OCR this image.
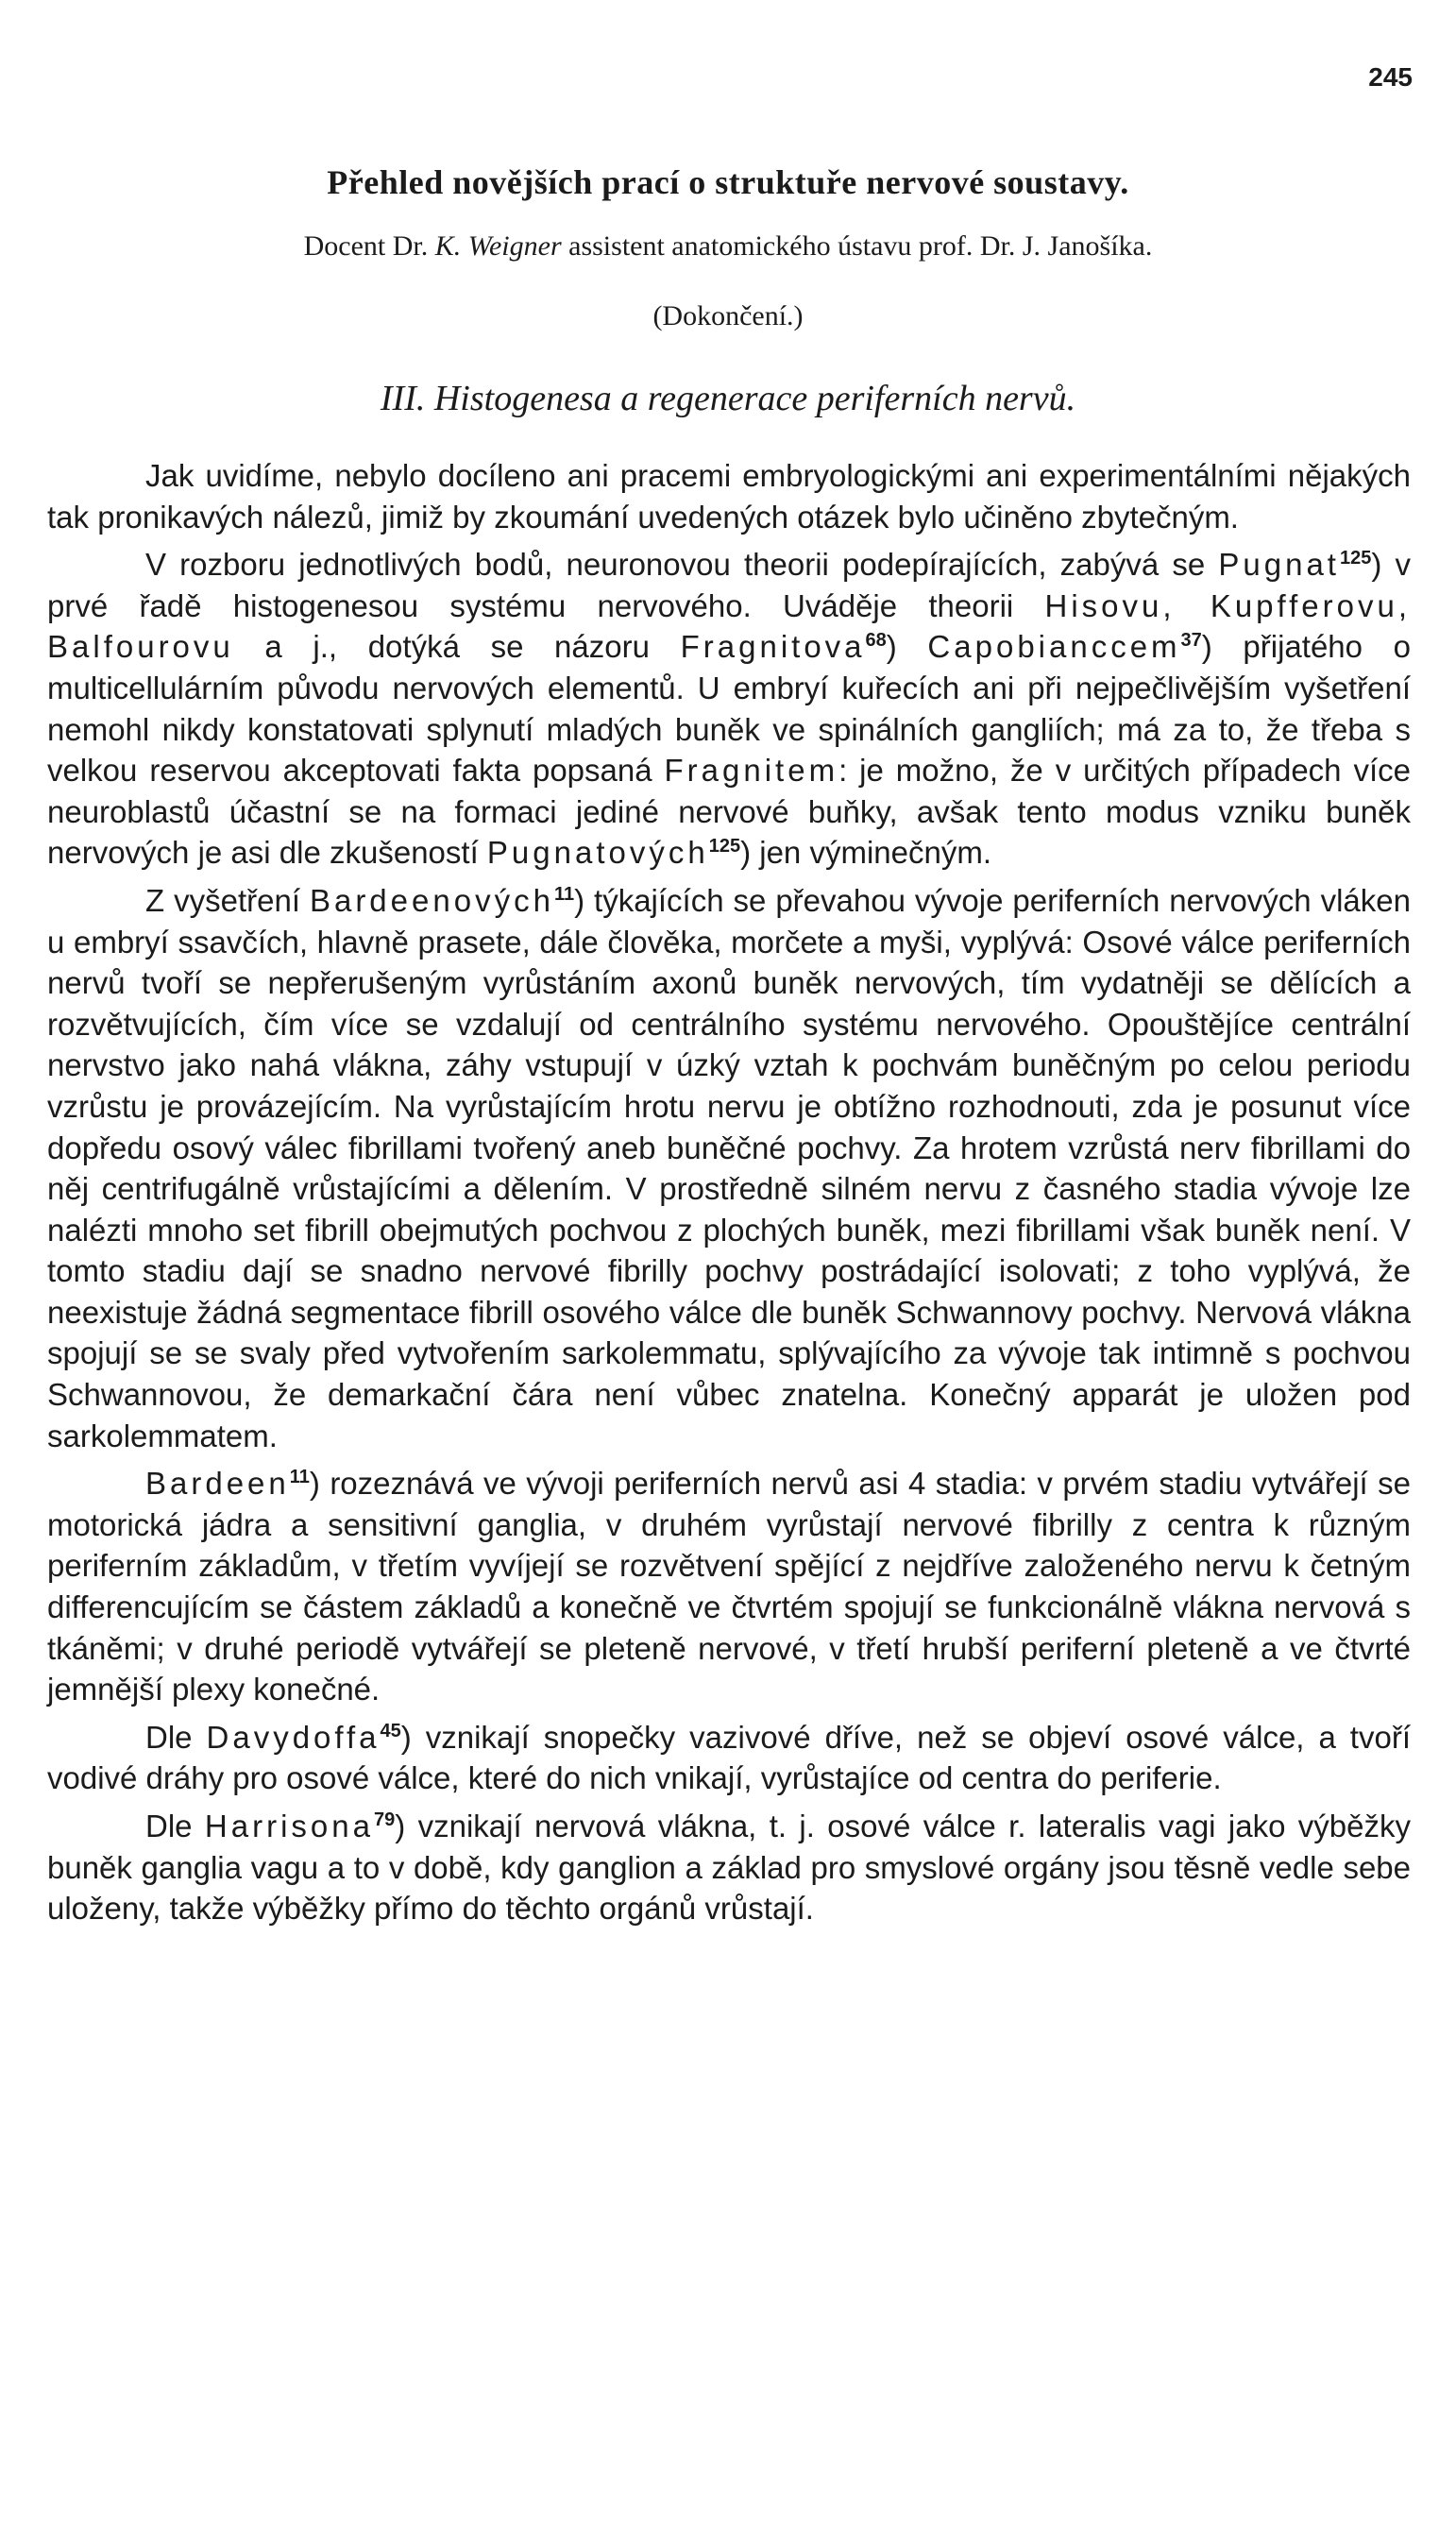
245
Přehled novějších prací o struktuře nervové soustavy.
Docent Dr. K. Weigner assistent anatomického ústavu prof. Dr. J. Janošíka.
(Dokončení.)
III. Histogenesa a regenerace periferních nervů.

Jak uvidíme, nebylo docíleno ani pracemi embryologickými ani experimentálními nějakých tak pronikavých nálezů, jimiž by zkoumání uvedených otázek bylo učiněno zbytečným.

V rozboru jednotlivých bodů, neuronovou theorii podepírajících, zabývá se Pugnat$^{125}$) v prvé řadě histogenesou systému nervového. Uváděje theorii Hisovu, Kupfferovu, Balfourovu a j., dotýká se názoru Fragnitova$^{68}$) Capobianccem$^{37}$) přijatého o multicellulárním původu nervových elementů. U embryí kuřecích ani při nejpečlivějším vyšetření nemohl nikdy konstatovati splynutí mladých buněk ve spinálních gangliích; má za to, že třeba s velkou reservou akceptovati fakta popsaná Fragnitem: je možno, že v určitých případech více neuroblastů účastní se na formaci jediné nervové buňky, avšak tento modus vzniku buněk nervových je asi dle zkušeností Pugnatových$^{125}$) jen výminečným.

Z vyšetření Bardeenových$^{11}$) týkajících se převahou vývoje periferních nervových vláken u embryí ssavčích, hlavně prasete, dále člověka, morčete a myši, vyplývá: Osové válce periferních nervů tvoří se nepřerušeným vyrůstáním axonů buněk nervových, tím vydatněji se dělících a rozvětvujících, čím více se vzdalují od centrálního systému nervového. Opouštějíce centrální nervstvo jako nahá vlákna, záhy vstupují v úzký vztah k pochvám buněčným po celou periodu vzrůstu je provázejícím. Na vyrůstajícím hrotu nervu je obtížno rozhodnouti, zda je posunut více dopředu osový válec fibrillami tvořený aneb buněčné pochvy. Za hrotem vzrůstá nerv fibrillami do něj centrifugálně vrůstajícími a dělením. V prostředně silném nervu z časného stadia vývoje lze nalézti mnoho set fibrill obejmutých pochvou z plochých buněk, mezi fibrillami však buněk není. V tomto stadiu dají se snadno nervové fibrilly pochvy postrádající isolovati; z toho vyplývá, že neexistuje žádná segmentace fibrill osového válce dle buněk Schwannovy pochvy. Nervová vlákna spojují se se svaly před vytvořením sarkolemmatu, splývajícího za vývoje tak intimně s pochvou Schwannovou, že demarkační čára není vůbec znatelna. Konečný apparát je uložen pod sarkolemmatem.

Bardeen$^{11}$) rozeznává ve vývoji periferních nervů asi 4 stadia: v prvém stadiu vytvářejí se motorická jádra a sensitivní ganglia, v druhém vyrůstají nervové fibrilly z centra k různým periferním základům, v třetím vyvíjejí se rozvětvení spějící z nejdříve založeného nervu k četným differencujícím se částem základů a konečně ve čtvrtém spojují se funkcionálně vlákna nervová s tkáněmi; v druhé periodě vytvářejí se pleteně nervové, v třetí hrubší periferní pleteně a ve čtvrté jemnější plexy konečné.

Dle Davydoffa$^{45}$) vznikají snopečky vazivové dříve, než se objeví osové válce, a tvoří vodivé dráhy pro osové válce, které do nich vnikají, vyrůstajíce od centra do periferie.

Dle Harrisona$^{79}$) vznikají nervová vlákna, t. j. osové válce r. lateralis vagi jako výběžky buněk ganglia vagu a to v době, kdy ganglion a základ pro smyslové orgány jsou těsně vedle sebe uloženy, takže výběžky přímo do těchto orgánů vrůstají.
